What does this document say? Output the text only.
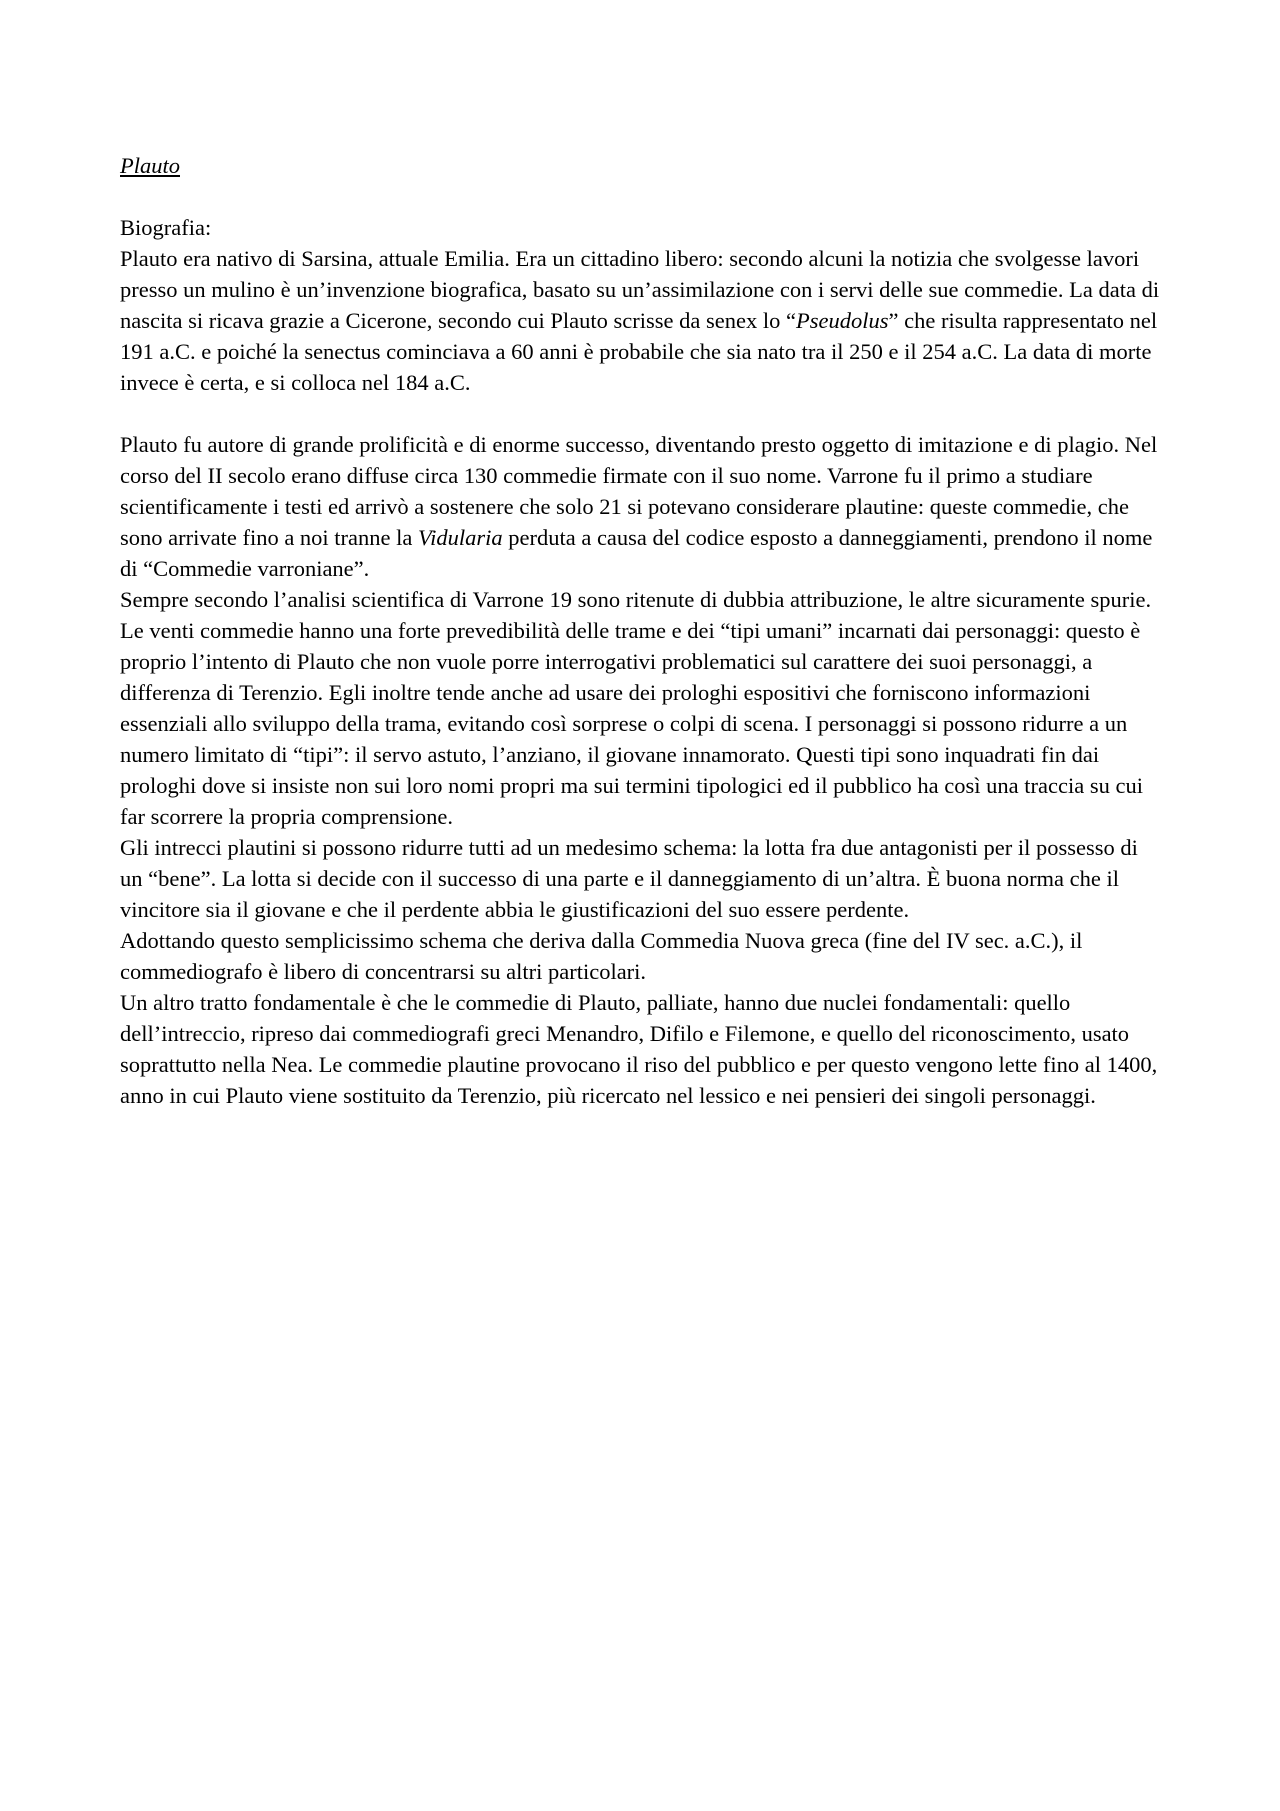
Plauto

Biografia:

Plauto era nativo di Sarsina, attuale Emilia. Era un cittadino libero: secondo alcuni la notizia che svolgesse lavori presso un mulino è un’invenzione biografica, basato su un’assimilazione con i servi delle sue commedie. La data di nascita si ricava grazie a Cicerone, secondo cui Plauto scrisse da senex lo “Pseudolus” che risulta rappresentato nel 191 a.C. e poiché la senectus cominciava a 60 anni è probabile che sia nato tra il 250 e il 254 a.C. La data di morte invece è certa, e si colloca nel 184 a.C.

Plauto fu autore di grande prolificità e di enorme successo, diventando presto oggetto di imitazione e di plagio. Nel corso del II secolo erano diffuse circa 130 commedie firmate con il suo nome. Varrone fu il primo a studiare scientificamente i testi ed arrivò a sostenere che solo 21 si potevano considerare plautine: queste commedie, che sono arrivate fino a noi tranne la Vidularia perduta a causa del codice esposto a danneggiamenti, prendono il nome di “Commedie varroniane”.

Sempre secondo l’analisi scientifica di Varrone 19 sono ritenute di dubbia attribuzione, le altre sicuramente spurie.

Le venti commedie hanno una forte prevedibilità delle trame e dei “tipi umani” incarnati dai personaggi: questo è proprio l’intento di Plauto che non vuole porre interrogativi problematici sul carattere dei suoi personaggi, a differenza di Terenzio. Egli inoltre tende anche ad usare dei prologhi espositivi che forniscono informazioni essenziali allo sviluppo della trama, evitando così sorprese o colpi di scena. I personaggi si possono ridurre a un numero limitato di “tipi”: il servo astuto, l’anziano, il giovane innamorato. Questi tipi sono inquadrati fin dai prologhi dove si insiste non sui loro nomi propri ma sui termini tipologici ed il pubblico ha così una traccia su cui far scorrere la propria comprensione.

Gli intrecci plautini si possono ridurre tutti ad un medesimo schema: la lotta fra due antagonisti per il possesso di un “bene”. La lotta si decide con il successo di una parte e il danneggiamento di un’altra. È buona norma che il vincitore sia il giovane e che il perdente abbia le giustificazioni del suo essere perdente.

Adottando questo semplicissimo schema che deriva dalla Commedia Nuova greca (fine del IV sec. a.C.), il commediografo è libero di concentrarsi su altri particolari.

Un altro tratto fondamentale è che le commedie di Plauto, palliate, hanno due nuclei fondamentali: quello dell’intreccio, ripreso dai commediografi greci Menandro, Difilo e Filemone, e quello del riconoscimento, usato soprattutto nella Nea. Le commedie plautine provocano il riso del pubblico e per questo vengono lette fino al 1400, anno in cui Plauto viene sostituito da Terenzio, più ricercato nel lessico e nei pensieri dei singoli personaggi.
